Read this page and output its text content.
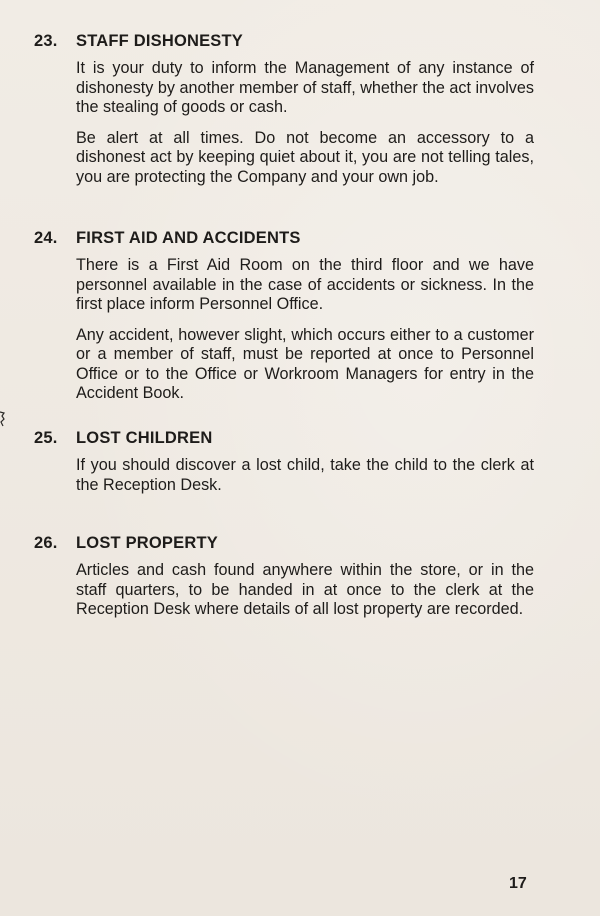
23. STAFF DISHONESTY

It is your duty to inform the Management of any instance of dishonesty by another member of staff, whether the act involves the stealing of goods or cash.

Be alert at all times. Do not become an accessory to a dishonest act by keeping quiet about it, you are not telling tales, you are protecting the Company and your own job.

24. FIRST AID AND ACCIDENTS

There is a First Aid Room on the third floor and we have personnel available in the case of accidents or sickness. In the first place inform Personnel Office.

Any accident, however slight, which occurs either to a customer or a member of staff, must be reported at once to Personnel Office or to the Office or Workroom Managers for entry in the Accident Book.

25. LOST CHILDREN

If you should discover a lost child, take the child to the clerk at the Reception Desk.

26. LOST PROPERTY

Articles and cash found anywhere within the store, or in the staff quarters, to be handed in at once to the clerk at the Reception Desk where details of all lost property are recorded.

17
